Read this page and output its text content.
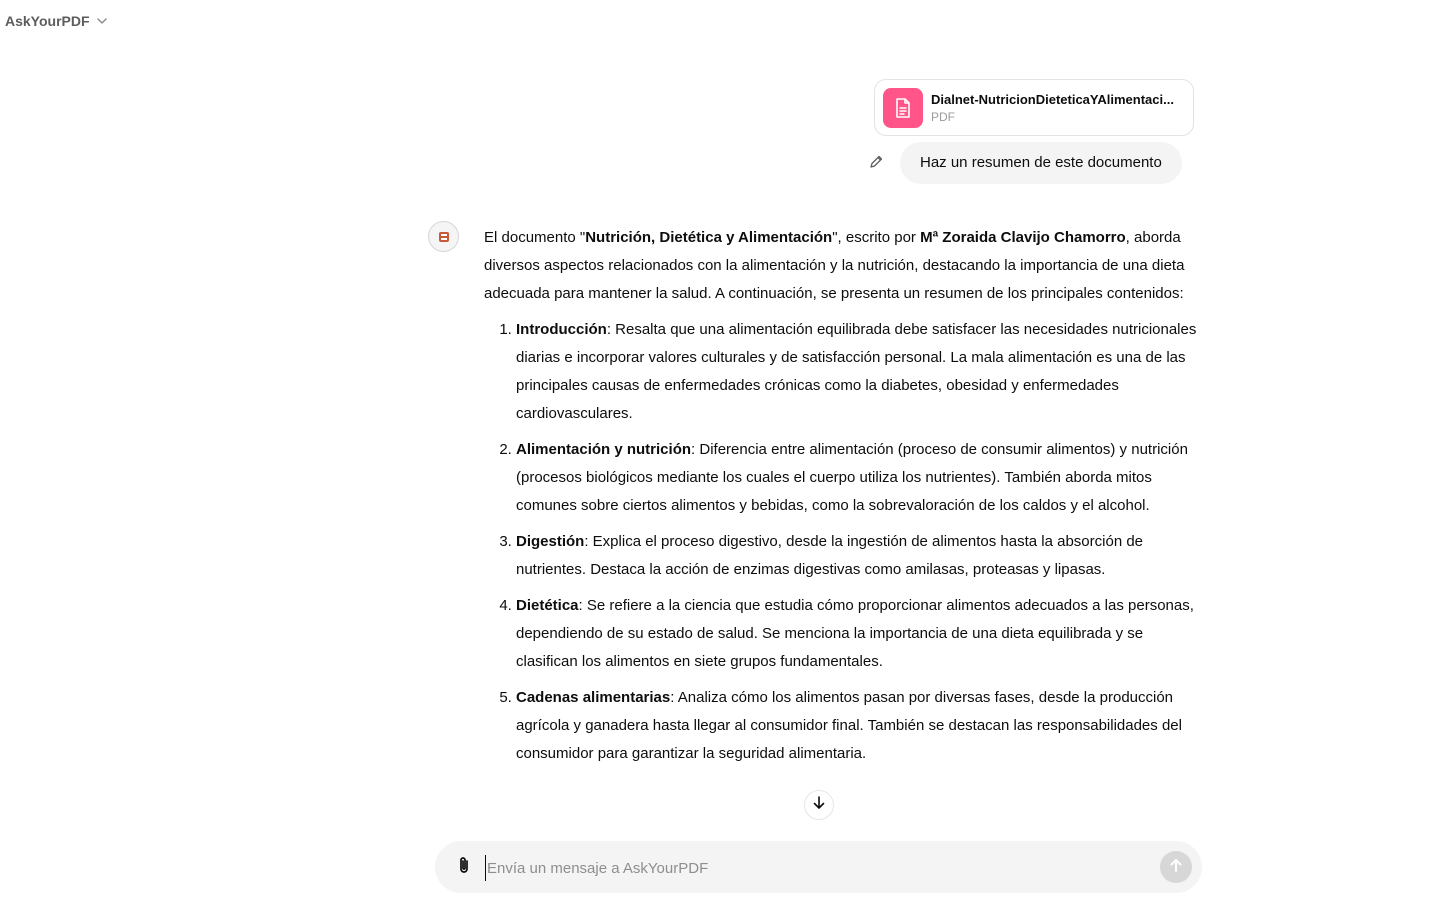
AskYourPDF
Dialnet-NutricionDieteticaYAlimentaci...
PDF
Haz un resumen de este documento

El documento "Nutrición, Dietética y Alimentación", escrito por Mª Zoraida Clavijo Chamorro, aborda diversos aspectos relacionados con la alimentación y la nutrición, destacando la importancia de una dieta adecuada para mantener la salud. A continuación, se presenta un resumen de los principales contenidos:

1. Introducción: Resalta que una alimentación equilibrada debe satisfacer las necesidades nutricionales diarias e incorporar valores culturales y de satisfacción personal. La mala alimentación es una de las principales causas de enfermedades crónicas como la diabetes, obesidad y enfermedades cardiovasculares.
2. Alimentación y nutrición: Diferencia entre alimentación (proceso de consumir alimentos) y nutrición (procesos biológicos mediante los cuales el cuerpo utiliza los nutrientes). También aborda mitos comunes sobre ciertos alimentos y bebidas, como la sobrevaloración de los caldos y el alcohol.
3. Digestión: Explica el proceso digestivo, desde la ingestión de alimentos hasta la absorción de nutrientes. Destaca la acción de enzimas digestivas como amilasas, proteasas y lipasas.
4. Dietética: Se refiere a la ciencia que estudia cómo proporcionar alimentos adecuados a las personas, dependiendo de su estado de salud. Se menciona la importancia de una dieta equilibrada y se clasifican los alimentos en siete grupos fundamentales.
5. Cadenas alimentarias: Analiza cómo los alimentos pasan por diversas fases, desde la producción agrícola y ganadera hasta llegar al consumidor final. También se destacan las responsabilidades del consumidor para garantizar la seguridad alimentaria.
Envía un mensaje a AskYourPDF
